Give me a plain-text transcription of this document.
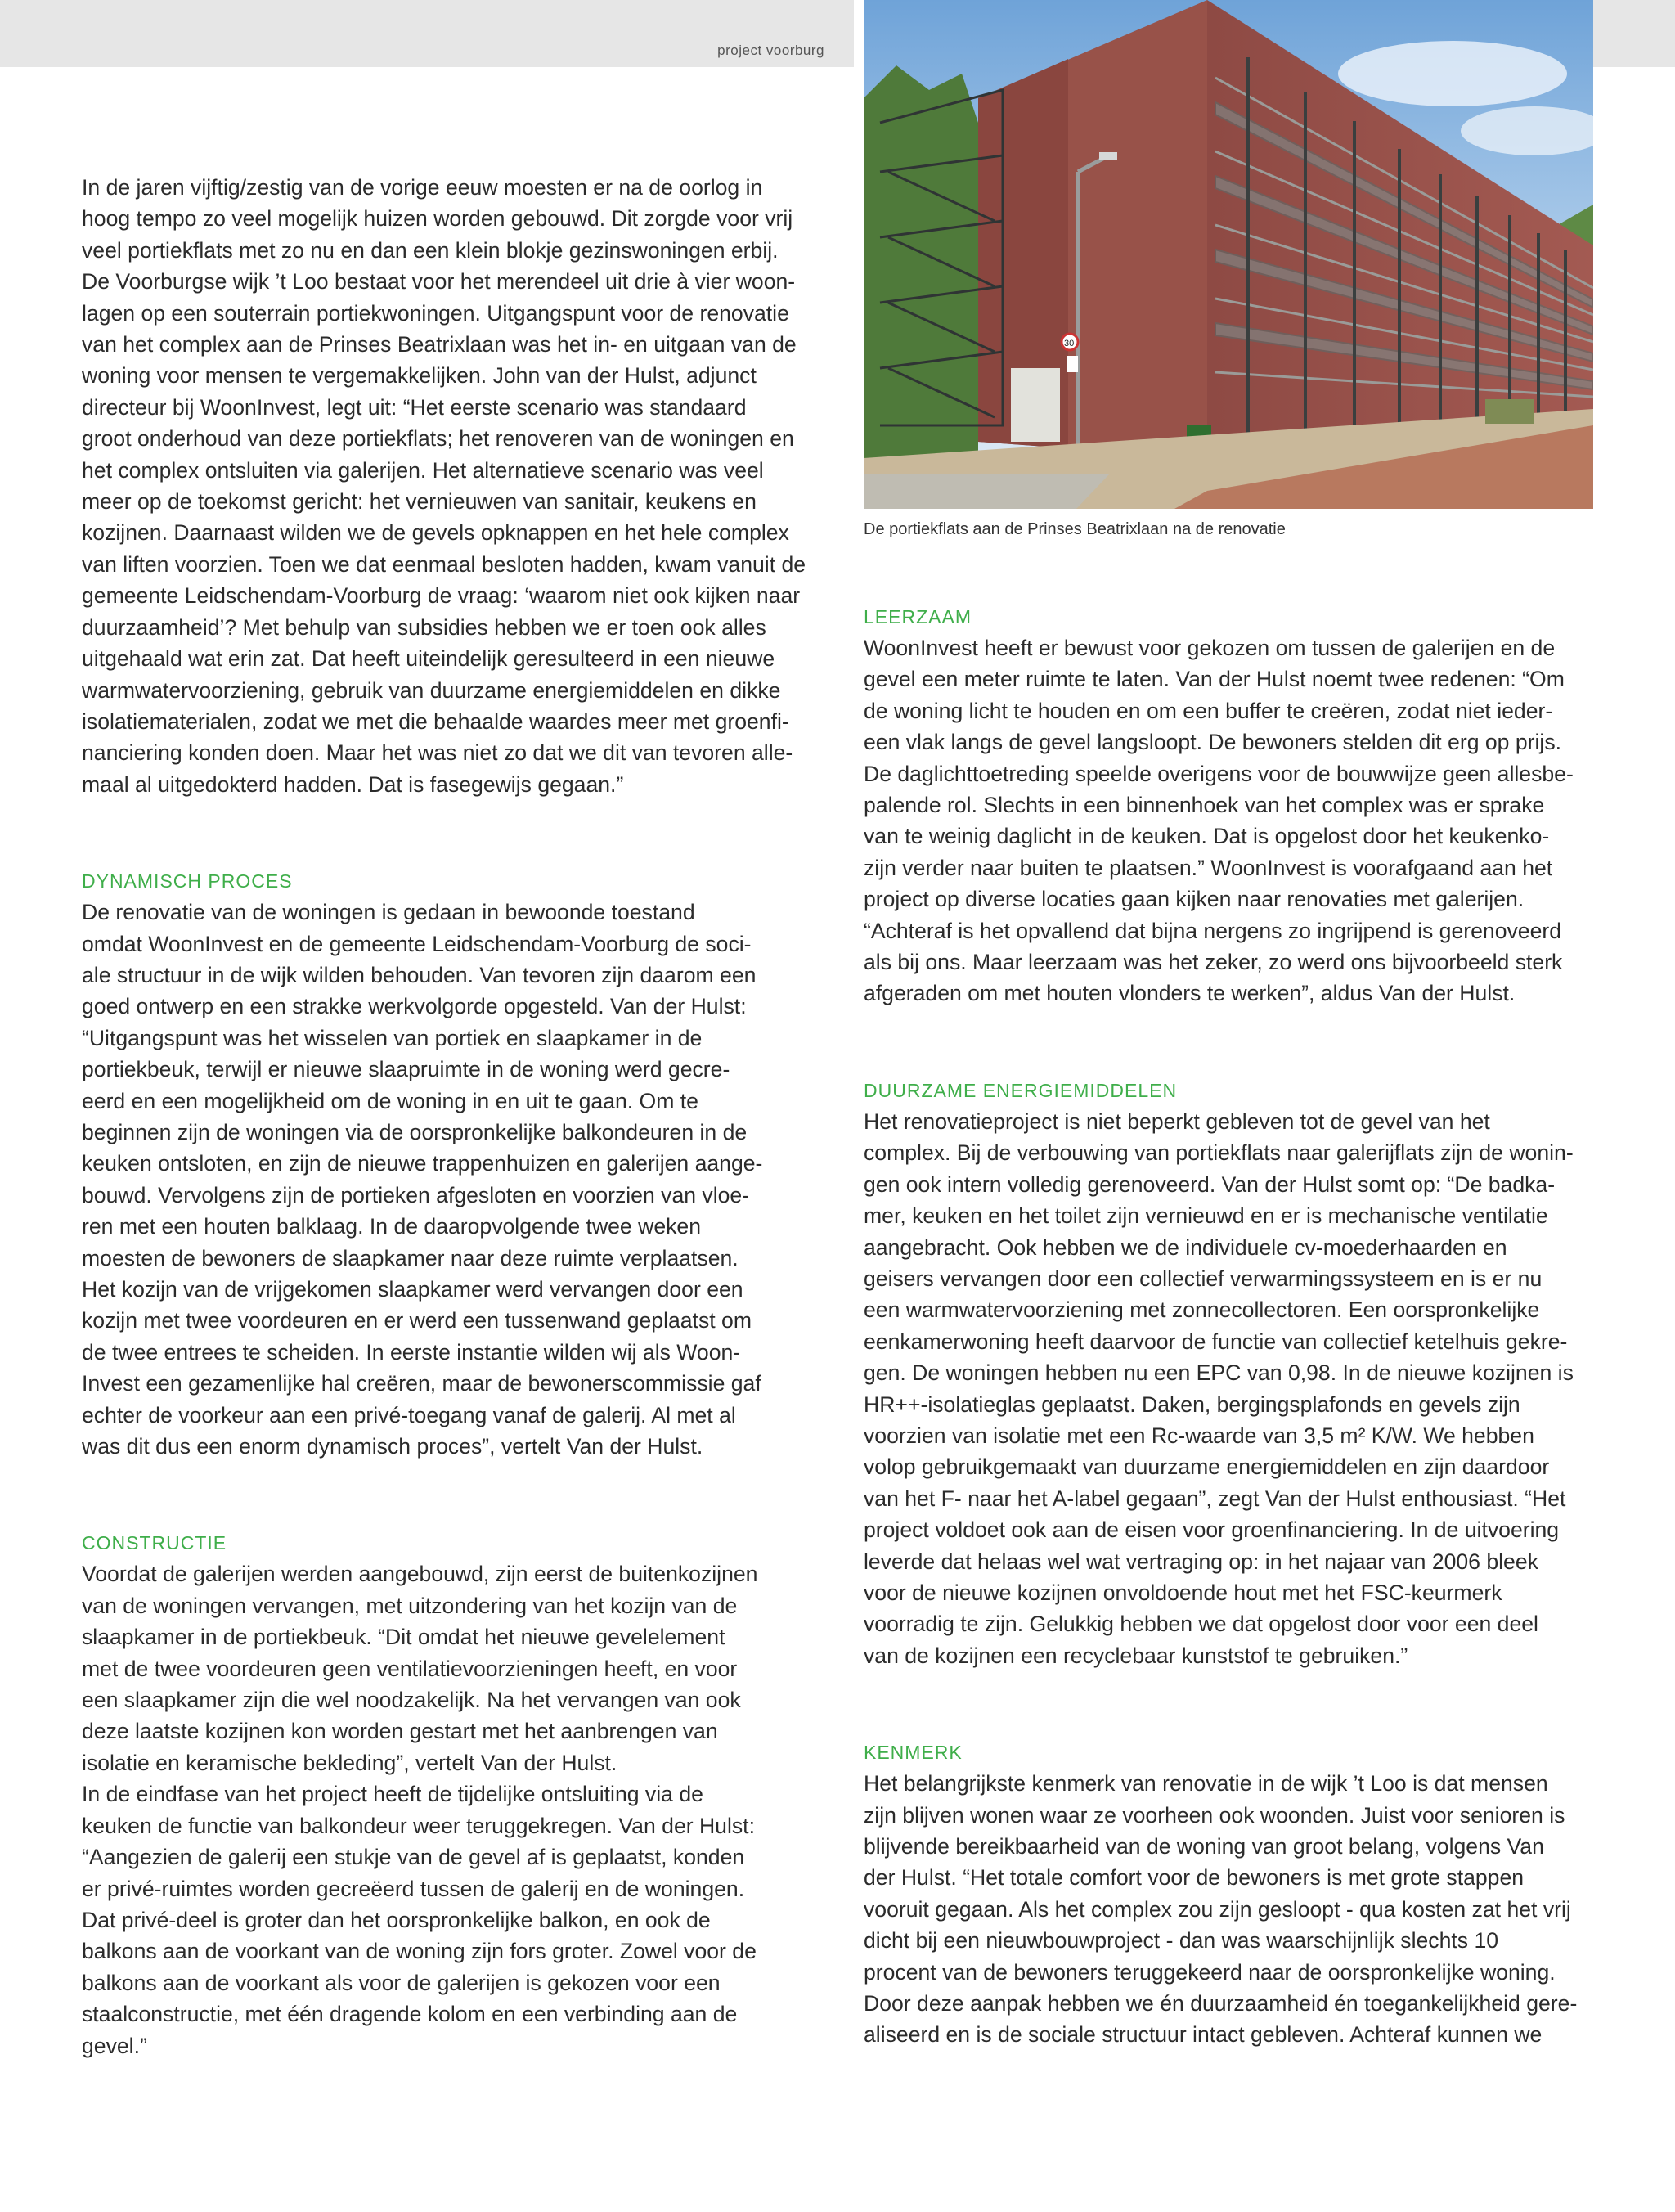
project voorburg

In de jaren vijftig/zestig van de vorige eeuw moesten er na de oorlog in
hoog tempo zo veel mogelijk huizen worden gebouwd. Dit zorgde voor vrij
veel portiekflats met zo nu en dan een klein blokje gezinswoningen erbij.
De Voorburgse wijk ’t Loo bestaat voor het merendeel uit drie à vier woon-
lagen op een souterrain portiekwoningen. Uitgangspunt voor de renovatie
van het complex aan de Prinses Beatrixlaan was het in- en uitgaan van de
woning voor mensen te vergemakkelijken. John van der Hulst, adjunct
directeur bij WoonInvest, legt uit: “Het eerste scenario was standaard
groot onderhoud van deze portiekflats; het renoveren van de woningen en
het complex ontsluiten via galerijen. Het alternatieve scenario was veel
meer op de toekomst gericht: het vernieuwen van sanitair, keukens en
kozijnen. Daarnaast wilden we de gevels opknappen en het hele complex
van liften voorzien. Toen we dat eenmaal besloten hadden, kwam vanuit de
gemeente Leidschendam-Voorburg de vraag: ‘waarom niet ook kijken naar
duurzaamheid’? Met behulp van subsidies hebben we er toen ook alles
uitgehaald wat erin zat. Dat heeft uiteindelijk geresulteerd in een nieuwe
warmwatervoorziening, gebruik van duurzame energiemiddelen en dikke
isolatiematerialen, zodat we met die behaalde waardes meer met groenfi-
nanciering konden doen. Maar het was niet zo dat we dit van tevoren alle-
maal al uitgedokterd hadden. Dat is fasegewijs gegaan.”

DYNAMISCH PROCES

De renovatie van de woningen is gedaan in bewoonde toestand
omdat WoonInvest en de gemeente Leidschendam-Voorburg de soci-
ale structuur in de wijk wilden behouden. Van tevoren zijn daarom een
goed ontwerp en een strakke werkvolgorde opgesteld. Van der Hulst:
“Uitgangspunt was het wisselen van portiek en slaapkamer in de
portiekbeuk, terwijl er nieuwe slaapruimte in de woning werd gecre-
eerd en een mogelijkheid om de woning in en uit te gaan. Om te
beginnen zijn de woningen via de oorspronkelijke balkondeuren in de
keuken ontsloten, en zijn de nieuwe trappenhuizen en galerijen aange-
bouwd. Vervolgens zijn de portieken afgesloten en voorzien van vloe-
ren met een houten balklaag. In de daaropvolgende twee weken
moesten de bewoners de slaapkamer naar deze ruimte verplaatsen.
Het kozijn van de vrijgekomen slaapkamer werd vervangen door een
kozijn met twee voordeuren en er werd een tussenwand geplaatst om
de twee entrees te scheiden. In eerste instantie wilden wij als Woon-
Invest een gezamenlijke hal creëren, maar de bewonerscommissie gaf
echter de voorkeur aan een privé-toegang vanaf de galerij. Al met al
was dit dus een enorm dynamisch proces”, vertelt Van der Hulst.

CONSTRUCTIE

Voordat de galerijen werden aangebouwd, zijn eerst de buitenkozijnen
van de woningen vervangen, met uitzondering van het kozijn van de
slaapkamer in de portiekbeuk. “Dit omdat het nieuwe gevelelement
met de twee voordeuren geen ventilatievoorzieningen heeft, en voor
een slaapkamer zijn die wel noodzakelijk. Na het vervangen van ook
deze laatste kozijnen kon worden gestart met het aanbrengen van
isolatie en keramische bekleding”, vertelt Van der Hulst.
In de eindfase van het project heeft de tijdelijke ontsluiting via de
keuken de functie van balkondeur weer teruggekregen. Van der Hulst:
“Aangezien de galerij een stukje van de gevel af is geplaatst, konden
er privé-ruimtes worden gecreëerd tussen de galerij en de woningen.
Dat privé-deel is groter dan het oorspronkelijke balkon, en ook de
balkons aan de voorkant van de woning zijn fors groter. Zowel voor de
balkons aan de voorkant als voor de galerijen is gekozen voor een
staalconstructie, met één dragende kolom en een verbinding aan de
gevel.”

30
De portiekflats aan de Prinses Beatrixlaan na de renovatie
LEERZAAM

WoonInvest heeft er bewust voor gekozen om tussen de galerijen en de
gevel een meter ruimte te laten. Van der Hulst noemt twee redenen: “Om
de woning licht te houden en om een buffer te creëren, zodat niet ieder-
een vlak langs de gevel langsloopt. De bewoners stelden dit erg op prijs.
De daglichttoetreding speelde overigens voor de bouwwijze geen allesbe-
palende rol. Slechts in een binnenhoek van het complex was er sprake
van te weinig daglicht in de keuken. Dat is opgelost door het keukenko-
zijn verder naar buiten te plaatsen.” WoonInvest is voorafgaand aan het
project op diverse locaties gaan kijken naar renovaties met galerijen.
“Achteraf is het opvallend dat bijna nergens zo ingrijpend is gerenoveerd
als bij ons. Maar leerzaam was het zeker, zo werd ons bijvoorbeeld sterk
afgeraden om met houten vlonders te werken”, aldus Van der Hulst.

DUURZAME ENERGIEMIDDELEN

Het renovatieproject is niet beperkt gebleven tot de gevel van het
complex. Bij de verbouwing van portiekflats naar galerijflats zijn de wonin-
gen ook intern volledig gerenoveerd. Van der Hulst somt op: “De badka-
mer, keuken en het toilet zijn vernieuwd en er is mechanische ventilatie
aangebracht. Ook hebben we de individuele cv-moederhaarden en
geisers vervangen door een collectief verwarmingssysteem en is er nu
een warmwatervoorziening met zonnecollectoren. Een oorspronkelijke
eenkamerwoning heeft daarvoor de functie van collectief ketelhuis gekre-
gen. De woningen hebben nu een EPC van 0,98. In de nieuwe kozijnen is
HR++-isolatieglas geplaatst. Daken, bergingsplafonds en gevels zijn
voorzien van isolatie met een Rc-waarde van 3,5 m² K/W. We hebben
volop gebruikgemaakt van duurzame energiemiddelen en zijn daardoor
van het F- naar het A-label gegaan”, zegt Van der Hulst enthousiast. “Het
project voldoet ook aan de eisen voor groenfinanciering. In de uitvoering
leverde dat helaas wel wat vertraging op: in het najaar van 2006 bleek
voor de nieuwe kozijnen onvoldoende hout met het FSC-keurmerk
voorradig te zijn. Gelukkig hebben we dat opgelost door voor een deel
van de kozijnen een recyclebaar kunststof te gebruiken.”

KENMERK

Het belangrijkste kenmerk van renovatie in de wijk ’t Loo is dat mensen
zijn blijven wonen waar ze voorheen ook woonden. Juist voor senioren is
blijvende bereikbaarheid van de woning van groot belang, volgens Van
der Hulst. “Het totale comfort voor de bewoners is met grote stappen
vooruit gegaan. Als het complex zou zijn gesloopt - qua kosten zat het vrij
dicht bij een nieuwbouwproject - dan was waarschijnlijk slechts 10
procent van de bewoners teruggekeerd naar de oorspronkelijke woning.
Door deze aanpak hebben we én duurzaamheid én toegankelijkheid gere-
aliseerd en is de sociale structuur intact gebleven. Achteraf kunnen we
